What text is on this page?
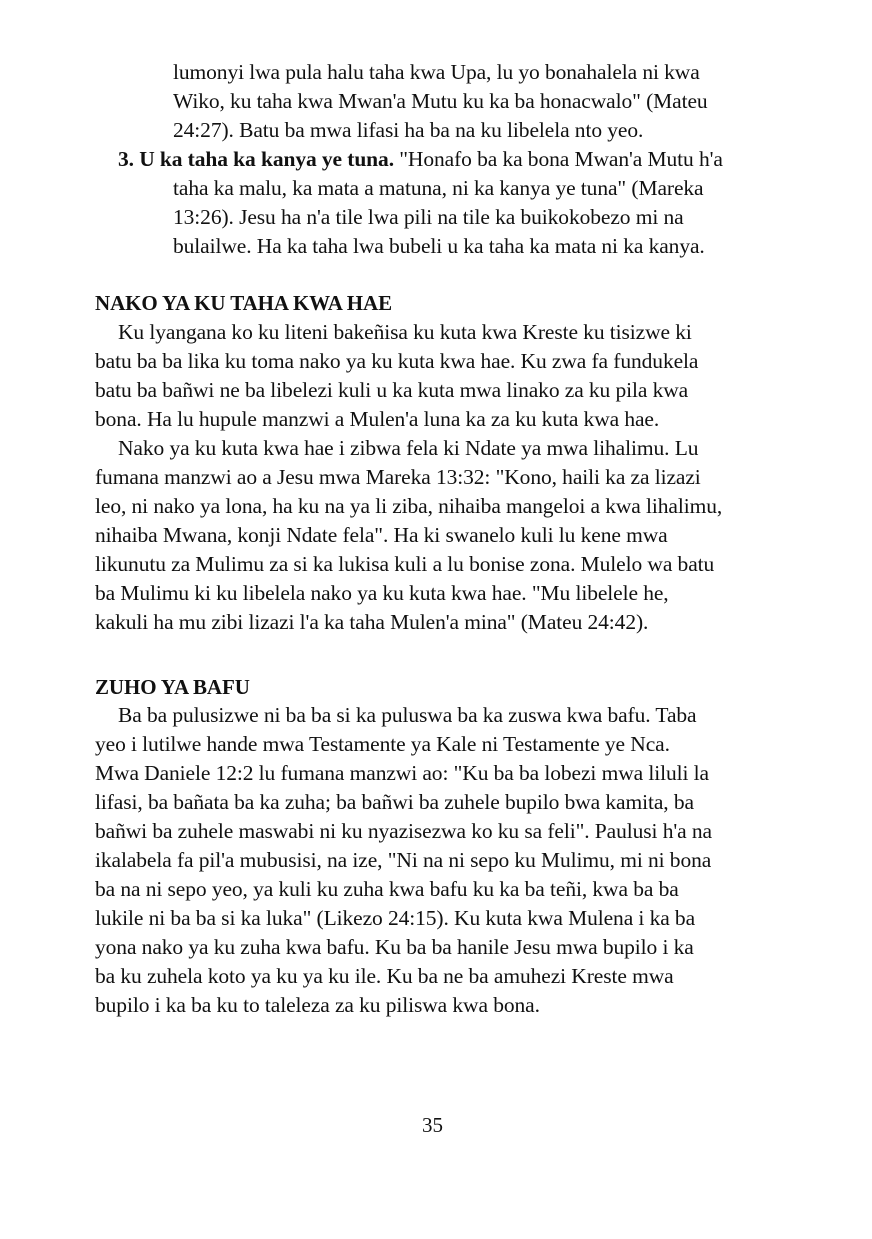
lumonyi lwa pula halu taha kwa Upa, lu yo bonahalela ni kwa
Wiko, ku taha kwa Mwan'a Mutu ku ka ba honacwalo" (Mateu
24:27). Batu ba mwa lifasi ha ba na ku libelela nto yeo.
3. U ka taha ka kanya ye tuna. "Honafo ba ka bona Mwan'a Mutu h'a
taha ka malu, ka mata a matuna, ni ka kanya ye tuna" (Mareka
13:26). Jesu ha n'a tile lwa pili na tile ka buikokobezo mi na
bulailwe. Ha ka taha lwa bubeli u ka taha ka mata ni ka kanya.
NAKO YA KU TAHA KWA HAE
Ku lyangana ko ku liteni bakeñisa ku kuta kwa Kreste ku tisizwe ki
batu ba ba lika ku toma nako ya ku kuta kwa hae. Ku zwa fa fundukela
batu ba bañwi ne ba libelezi kuli u ka kuta mwa linako za ku pila kwa
bona. Ha lu hupule manzwi a Mulen'a luna ka za ku kuta kwa hae.
Nako ya ku kuta kwa hae i zibwa fela ki Ndate ya mwa lihalimu. Lu
fumana manzwi ao a Jesu mwa Mareka 13:32: "Kono, haili ka za lizazi
leo, ni nako ya lona, ha ku na ya li ziba, nihaiba mangeloi a kwa lihalimu,
nihaiba Mwana, konji Ndate fela". Ha ki swanelo kuli lu kene mwa
likunutu za Mulimu za si ka lukisa kuli a lu bonise zona. Mulelo wa batu
ba Mulimu ki ku libelela nako ya ku kuta kwa hae. "Mu libelele he,
kakuli ha mu zibi lizazi l'a ka taha Mulen'a mina" (Mateu 24:42).
ZUHO YA BAFU
Ba ba pulusizwe ni ba ba si ka puluswa ba ka zuswa kwa bafu. Taba
yeo i lutilwe hande mwa Testamente ya Kale ni Testamente ye Nca.
Mwa Daniele 12:2 lu fumana manzwi ao: "Ku ba ba lobezi mwa liluli la
lifasi, ba bañata ba ka zuha; ba bañwi ba zuhele bupilo bwa kamita, ba
bañwi ba zuhele maswabi ni ku nyazisezwa ko ku sa feli". Paulusi h'a na
ikalabela fa pil'a mubusisi, na ize, "Ni na ni sepo ku Mulimu, mi ni bona
ba na ni sepo yeo, ya kuli ku zuha kwa bafu ku ka ba teñi, kwa ba ba
lukile ni ba ba si ka luka" (Likezo 24:15). Ku kuta kwa Mulena i ka ba
yona nako ya ku zuha kwa bafu. Ku ba ba hanile Jesu mwa bupilo i ka
ba ku zuhela koto ya ku ya ku ile. Ku ba ne ba amuhezi Kreste mwa
bupilo i ka ba ku to taleleza za ku piliswa kwa bona.
35
